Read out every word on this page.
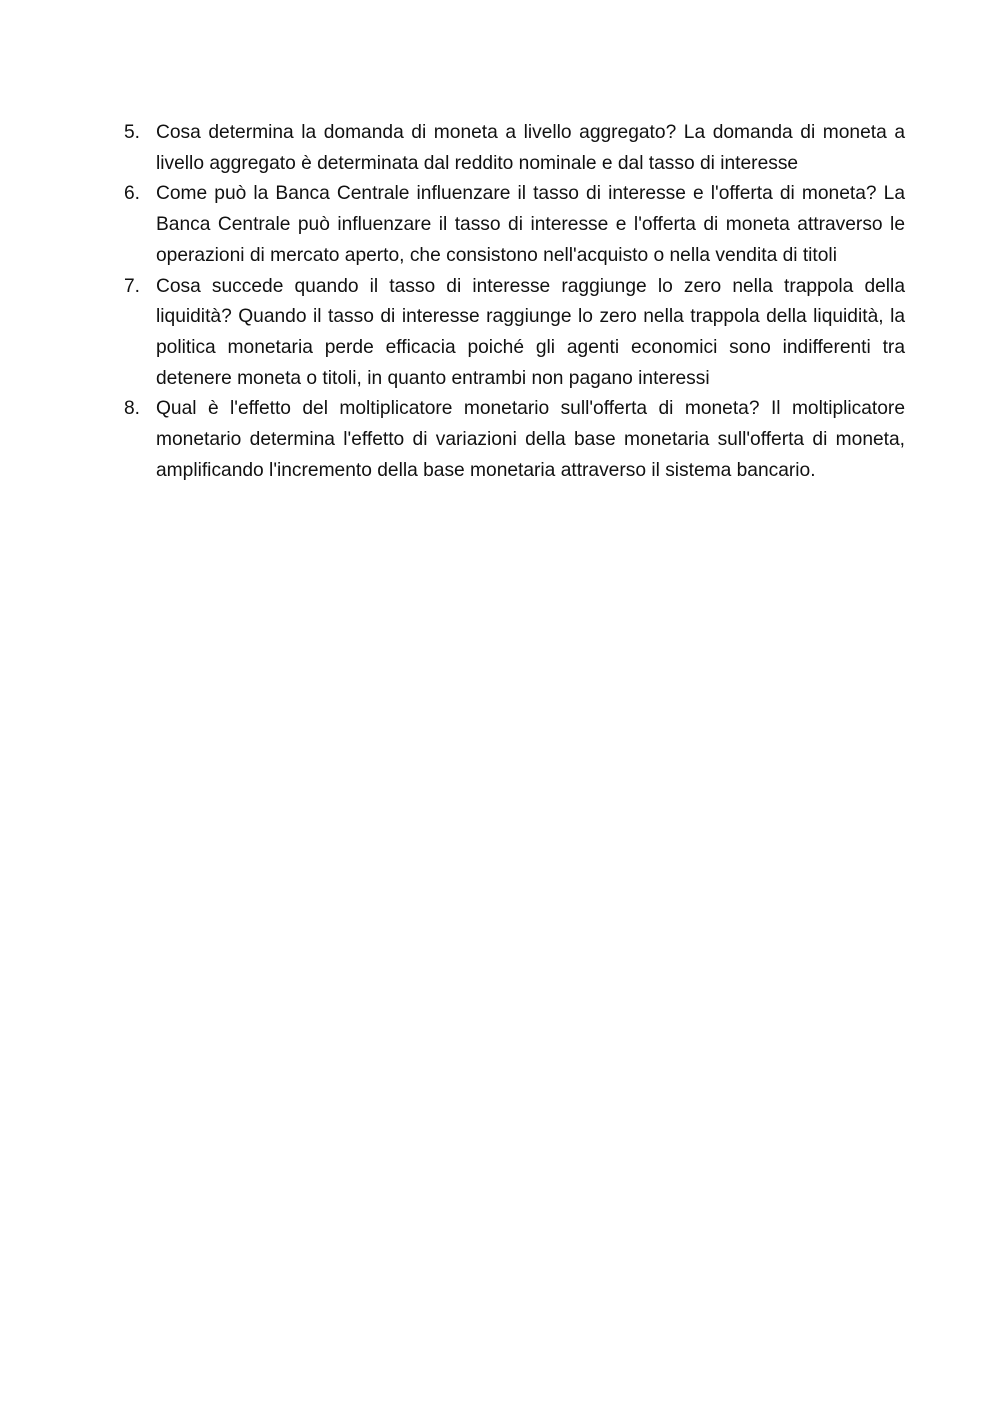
5. Cosa determina la domanda di moneta a livello aggregato? La domanda di moneta a livello aggregato è determinata dal reddito nominale e dal tasso di interesse
6. Come può la Banca Centrale influenzare il tasso di interesse e l'offerta di moneta? La Banca Centrale può influenzare il tasso di interesse e l'offerta di moneta attraverso le operazioni di mercato aperto, che consistono nell'acquisto o nella vendita di titoli
7. Cosa succede quando il tasso di interesse raggiunge lo zero nella trappola della liquidità? Quando il tasso di interesse raggiunge lo zero nella trappola della liquidità, la politica monetaria perde efficacia poiché gli agenti economici sono indifferenti tra detenere moneta o titoli, in quanto entrambi non pagano interessi
8. Qual è l'effetto del moltiplicatore monetario sull'offerta di moneta? Il moltiplicatore monetario determina l'effetto di variazioni della base monetaria sull'offerta di moneta, amplificando l'incremento della base monetaria attraverso il sistema bancario.
